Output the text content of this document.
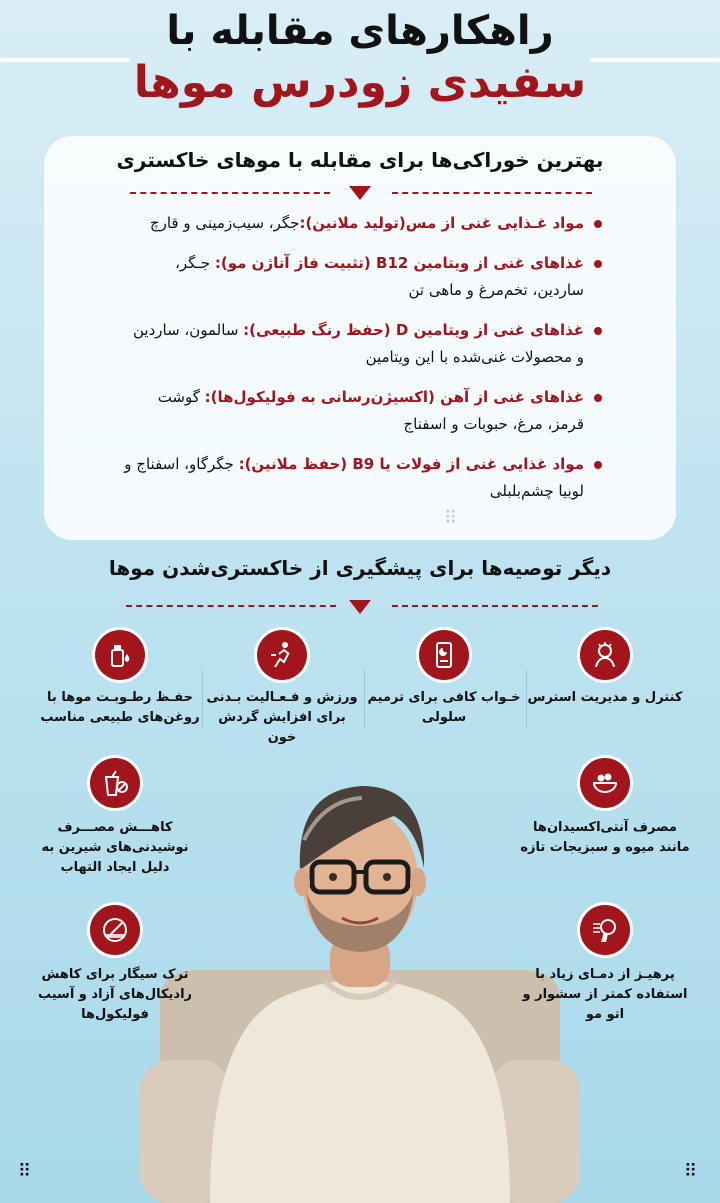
راهکارهای مقابله با
سفیدی زودرس موها
بهترین خوراکی‌ها برای مقابله با موهای خاکستری
مواد غـذایی غنی از مس(تولید ملانین):جگر، سیب‌زمینی و قارچ
غذاهای غنی از ویتامین B12 (تثبیت فاز آناژن مو): جـگر، ساردین، تخم‌مرغ و ماهی تن
غذاهای غنی از ویتامین D (حفظ رنگ طبیعی): سالمون، ساردین و محصولات غنی‌شده با این ویتامین
غذاهای غنی از آهن (اکسیژن‌رسانی به فولیکول‌ها): گوشت قرمز، مرغ، حبوبات و اسفناج
مواد غذایی غنی از فولات یا B9 (حفظ ملانین): جگرگاو، اسفناج و لوبیا چشم‌بلبلی
دیگر توصیه‌ها برای پیشگیری از خاکستری‌شدن موها
کنترل و مدیریت استرس
خـواب کافی برای ترمیم سلولی
ورزش و فـعـالیت بـدنی برای افزایش گردش خون
حفـظ رطـوبـت موها با روغن‌های طبیعی مناسب
مصرف آنتی‌اکسیدان‌ها مانند میوه و سبزیجات تازه
پرهیـز از دمـای زیاد با استفاده کمتر از سشوار و اتو مو
کاهـــش مصـــرف نوشیدنی‌های شیرین به دلیل ایجاد التهاب
ترک سیگار برای کاهش رادیکال‌های آزاد و آسیب فولیکول‌ها
⠿	⠿
⠿
